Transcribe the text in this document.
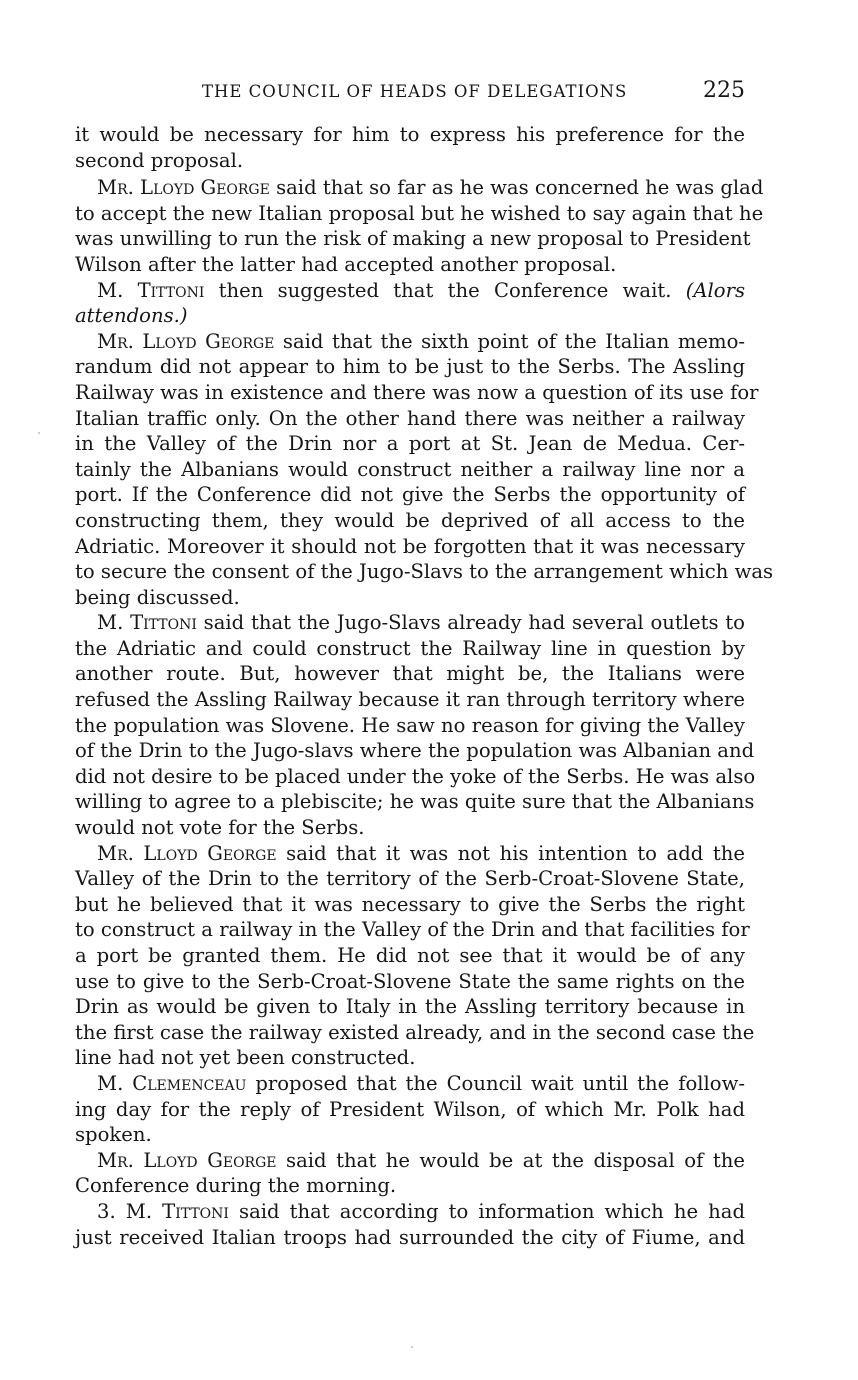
THE COUNCIL OF HEADS OF DELEGATIONS	225
it would be necessary for him to express his preference for the
second proposal.
Mr. Lloyd George said that so far as he was concerned he was glad
to accept the new Italian proposal but he wished to say again that he
was unwilling to run the risk of making a new proposal to President
Wilson after the latter had accepted another proposal.
M. Tittoni then suggested that the Conference wait. (Alors
attendons.)
Mr. Lloyd George said that the sixth point of the Italian memo-
randum did not appear to him to be just to the Serbs. The Assling
Railway was in existence and there was now a question of its use for
Italian traffic only. On the other hand there was neither a railway
in the Valley of the Drin nor a port at St. Jean de Medua. Cer-
tainly the Albanians would construct neither a railway line nor a
port. If the Conference did not give the Serbs the opportunity of
constructing them, they would be deprived of all access to the
Adriatic. Moreover it should not be forgotten that it was necessary
to secure the consent of the Jugo-Slavs to the arrangement which was
being discussed.
M. Tittoni said that the Jugo-Slavs already had several outlets to
the Adriatic and could construct the Railway line in question by
another route. But, however that might be, the Italians were
refused the Assling Railway because it ran through territory where
the population was Slovene. He saw no reason for giving the Valley
of the Drin to the Jugo-slavs where the population was Albanian and
did not desire to be placed under the yoke of the Serbs. He was also
willing to agree to a plebiscite; he was quite sure that the Albanians
would not vote for the Serbs.
Mr. Lloyd George said that it was not his intention to add the
Valley of the Drin to the territory of the Serb-Croat-Slovene State,
but he believed that it was necessary to give the Serbs the right
to construct a railway in the Valley of the Drin and that facilities for
a port be granted them. He did not see that it would be of any
use to give to the Serb-Croat-Slovene State the same rights on the
Drin as would be given to Italy in the Assling territory because in
the first case the railway existed already, and in the second case the
line had not yet been constructed.
M. Clemenceau proposed that the Council wait until the follow-
ing day for the reply of President Wilson, of which Mr. Polk had
spoken.
Mr. Lloyd George said that he would be at the disposal of the
Conference during the morning.
3. M. Tittoni said that according to information which he had
just received Italian troops had surrounded the city of Fiume, and
